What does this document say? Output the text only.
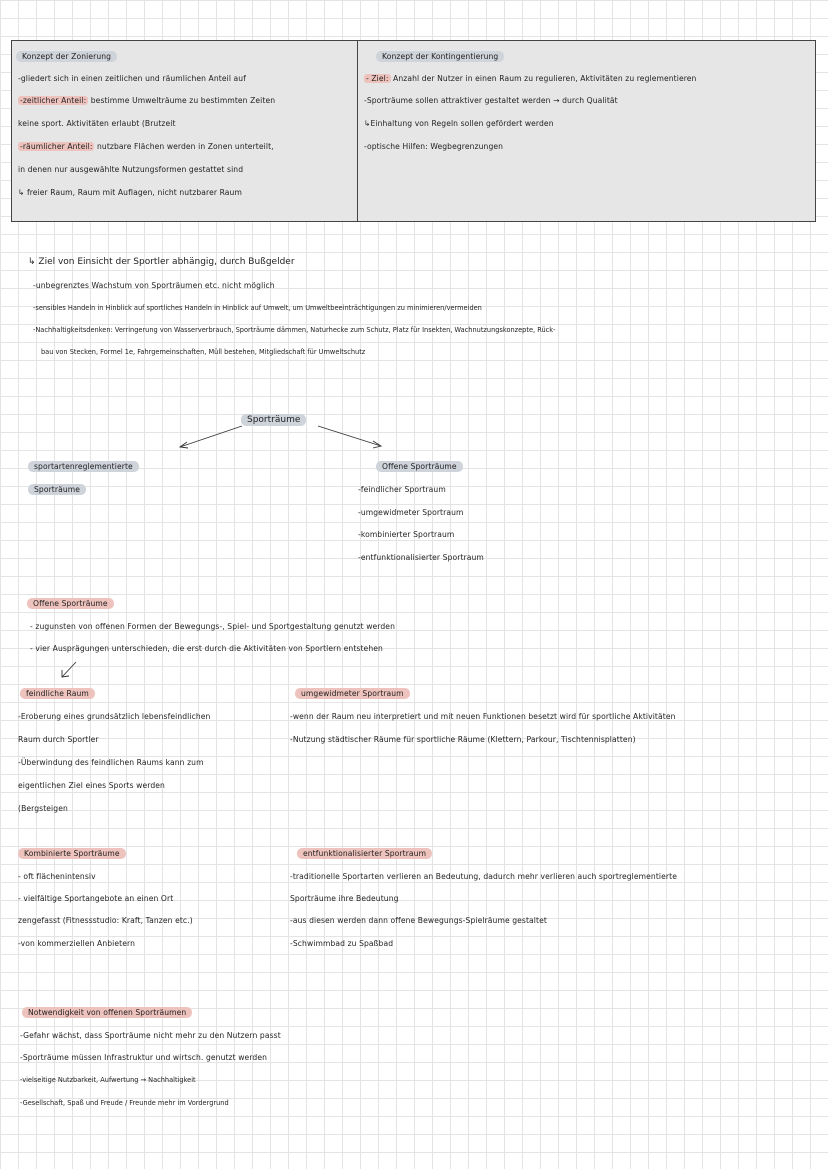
Konzept der Zonierung
-gliedert sich in einen zeitlichen und räumlichen Anteil auf
-zeitlicher Anteil: bestimme Umwelträume zu bestimmten Zeiten
keine sport. Aktivitäten erlaubt (Brutzeit
-räumlicher Anteil: nutzbare Flächen werden in Zonen unterteilt,
in denen nur ausgewählte Nutzungsformen gestattet sind
↳ freier Raum, Raum mit Auflagen, nicht nutzbarer Raum
Konzept der Kontingentierung
- Ziel: Anzahl der Nutzer in einen Raum zu regulieren, Aktivitäten zu reglementieren
-Sporträume sollen attraktiver gestaltet werden → durch Qualität
↳Einhaltung von Regeln sollen gefördert werden
-optische Hilfen: Wegbegrenzungen
↳ Ziel von Einsicht der Sportler abhängig, durch Bußgelder
-unbegrenztes Wachstum von Sporträumen etc. nicht möglich
-sensibles Handeln in Hinblick auf sportliches Handeln in Hinblick auf Umwelt, um Umweltbeeinträchtigungen zu minimieren/vermeiden
-Nachhaltigkeitsdenken: Verringerung von Wasserverbrauch, Sporträume dämmen, Naturhecke zum Schutz, Platz für Insekten, Wachnutzungskonzepte, Rück-
bau von Stecken, Formel 1e, Fahrgemeinschaften, Müll bestehen, Mitgliedschaft für Umweltschutz
Sporträume
sportartenreglementierte
Sporträume
Offene Sporträume
-feindlicher Sportraum
-umgewidmeter Sportraum
-kombinierter Sportraum
-entfunktionalisierter Sportraum
Offene Sporträume
- zugunsten von offenen Formen der Bewegungs-, Spiel- und Sportgestaltung genutzt werden
- vier Ausprägungen unterschieden, die erst durch die Aktivitäten von Sportlern entstehen
feindliche Raum
-Eroberung eines grundsätzlich lebensfeindlichen
Raum durch Sportler
-Überwindung des feindlichen Raums kann zum
eigentlichen Ziel eines Sports werden
(Bergsteigen
umgewidmeter Sportraum
-wenn der Raum neu interpretiert und mit neuen Funktionen besetzt wird für sportliche Aktivitäten
-Nutzung städtischer Räume für sportliche Räume (Klettern, Parkour, Tischtennisplatten)
Kombinierte Sporträume
- oft flächenintensiv
- vielfältige Sportangebote an einen Ort
zengefasst (Fitnessstudio: Kraft, Tanzen etc.)
-von kommerziellen Anbietern
entfunktionalisierter Sportraum
-traditionelle Sportarten verlieren an Bedeutung, dadurch mehr verlieren auch sportreglementierte
Sporträume ihre Bedeutung
-aus diesen werden dann offene Bewegungs-Spielräume gestaltet
-Schwimmbad zu Spaßbad
Notwendigkeit von offenen Sporträumen
-Gefahr wächst, dass Sporträume nicht mehr zu den Nutzern passt
-Sporträume müssen Infrastruktur und wirtsch. genutzt werden
-vielseitige Nutzbarkeit, Aufwertung → Nachhaltigkeit
-Gesellschaft, Spaß und Freude / Freunde mehr im Vordergrund
